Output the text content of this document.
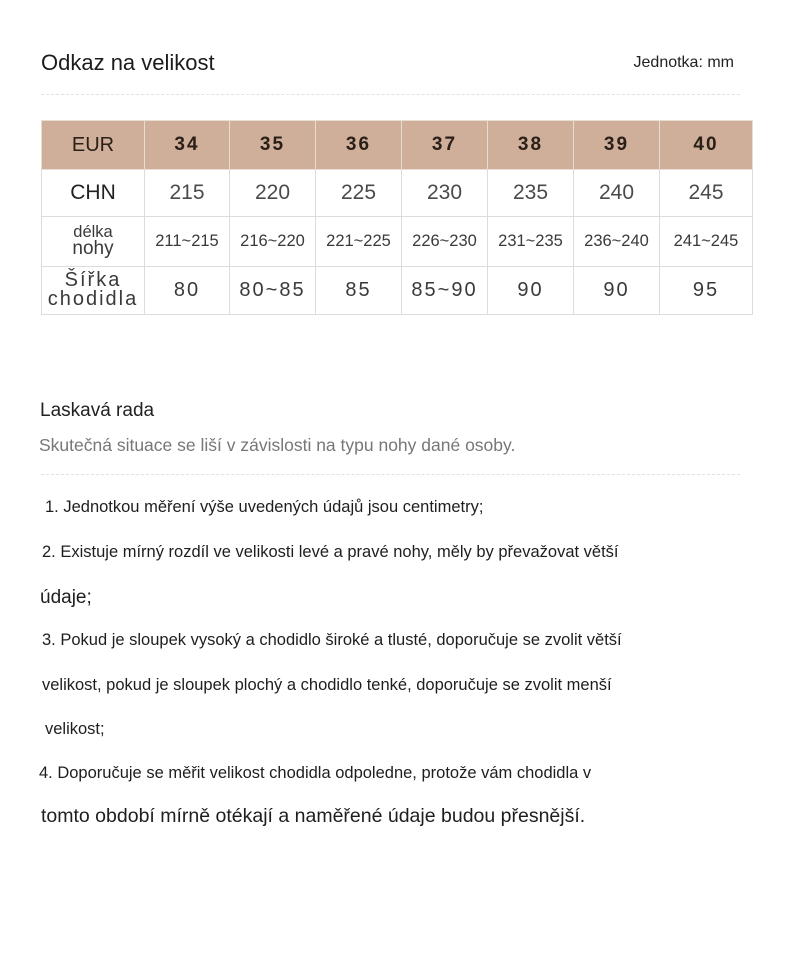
Odkaz na velikost	Jednotka: mm
EUR	34	35	36	37	38	39	40
CHN	215	220	225	230	235	240	245

délka
nohy	211~215	216~220	221~225	226~230	231~235	236~240	241~245

Šířka
chodidla	80	80~85	85	85~90	90	90	95
Laskavá rada
Skutečná situace se liší v závislosti na typu nohy dané osoby.
1. Jednotkou měření výše uvedených údajů jsou centimetry;
2. Existuje mírný rozdíl ve velikosti levé a pravé nohy, měly by převažovat větší
údaje;
3. Pokud je sloupek vysoký a chodidlo široké a tlusté, doporučuje se zvolit větší
velikost, pokud je sloupek plochý a chodidlo tenké, doporučuje se zvolit menší
velikost;
4. Doporučuje se měřit velikost chodidla odpoledne, protože vám chodidla v
tomto období mírně otékají a naměřené údaje budou přesnější.
